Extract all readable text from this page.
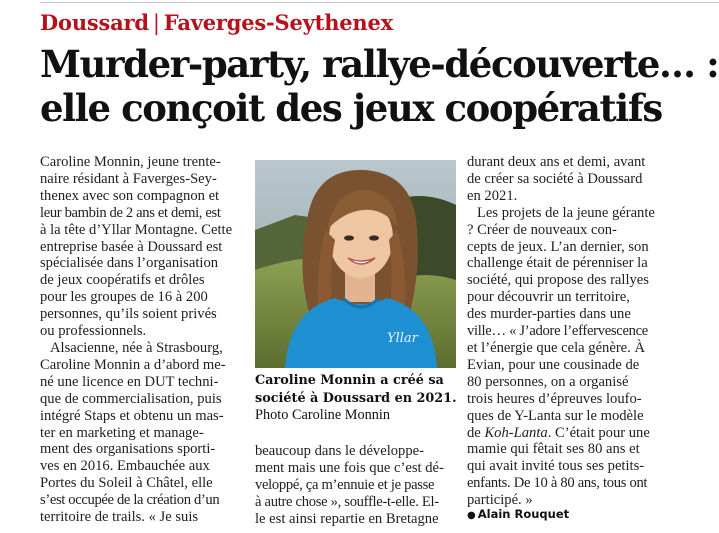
Doussard | Faverges-Seythenex
Murder-party, rallye-découverte… :
elle conçoit des jeux coopératifs
Caroline Monnin, jeune trente-
naire résidant à Faverges-Sey-
thenex avec son compagnon et
leur bambin de 2 ans et demi, est
à la tête d’Yllar Montagne. Cette
entreprise basée à Doussard est
spécialisée dans l’organisation
de jeux coopératifs et drôles
pour les groupes de 16 à 200
personnes, qu’ils soient privés
ou professionnels.
Alsacienne, née à Strasbourg,
Caroline Monnin a d’abord me-
né une licence en DUT techni-
que de commercialisation, puis
intégré Staps et obtenu un mas-
ter en marketing et manage-
ment des organisations sporti-
ves en 2016. Embauchée aux
Portes du Soleil à Châtel, elle
s’est occupée de la création d’un
territoire de trails. « Je suis
Yllar
Caroline Monnin a créé sa société à Doussard en 2021. Photo Caroline Monnin
beaucoup dans le développe-
ment mais une fois que c’est dé-
veloppé, ça m’ennuie et je passe
à autre chose », souffle-t-elle. El-
le est ainsi repartie en Bretagne
durant deux ans et demi, avant
de créer sa société à Doussard
en 2021.
Les projets de la jeune gérante
? Créer de nouveaux con-
cepts de jeux. L’an dernier, son
challenge était de pérenniser la
société, qui propose des rallyes
pour découvrir un territoire,
des murder-parties dans une
ville… « J’adore l’effervescence
et l’énergie que cela génère. À
Evian, pour une cousinade de
80 personnes, on a organisé
trois heures d’épreuves loufo-
ques de Y-Lanta sur le modèle
de Koh-Lanta. C’était pour une
mamie qui fêtait ses 80 ans et
qui avait invité tous ses petits-
enfants. De 10 à 80 ans, tous ont
participé. »
● Alain Rouquet
